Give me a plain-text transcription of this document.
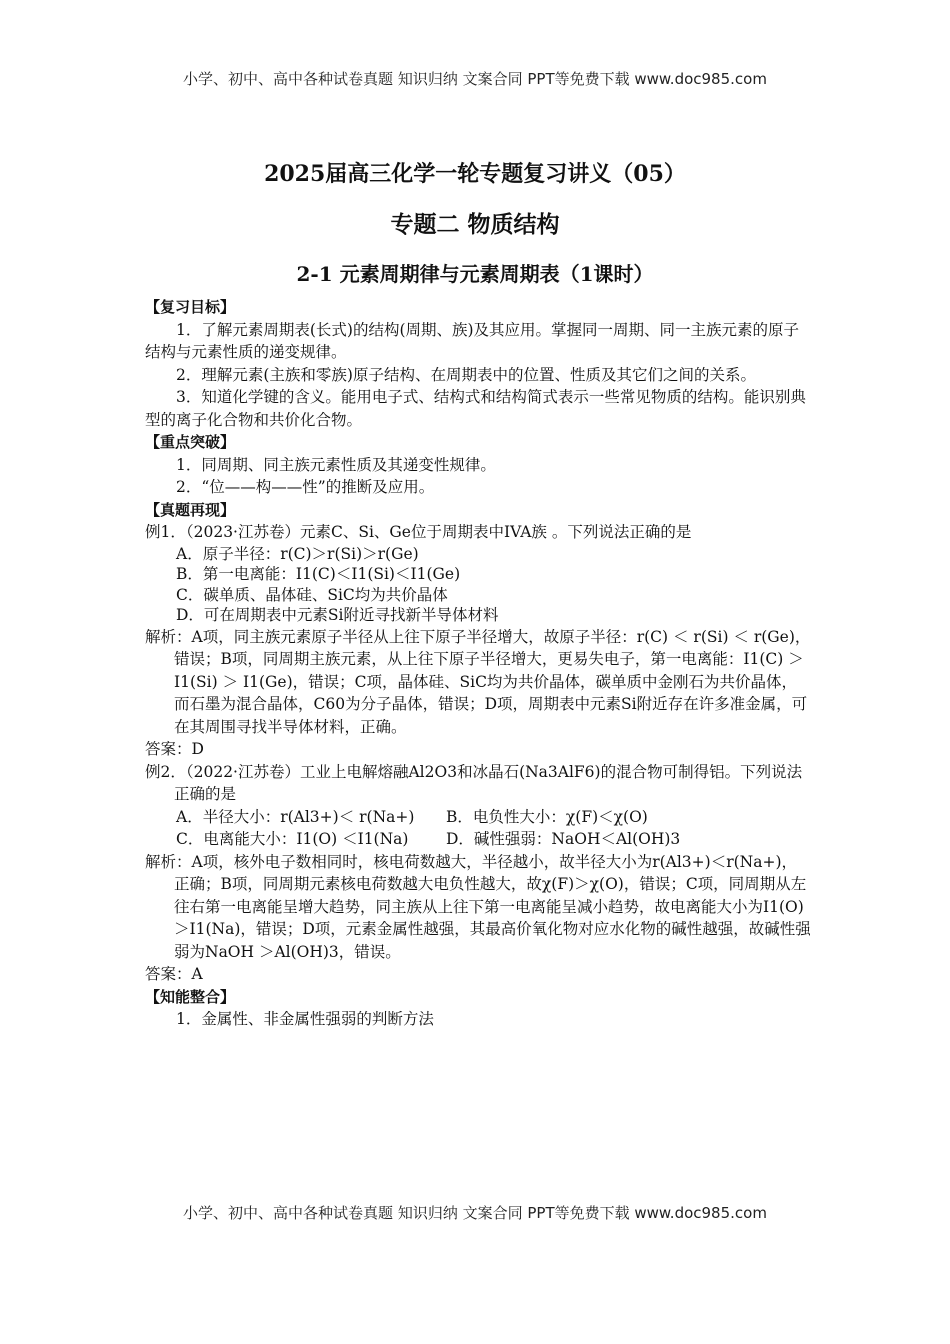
小学、初中、高中各种试卷真题 知识归纳 文案合同 PPT等免费下载 www.doc985.com
2025届高三化学一轮专题复习讲义（05）
专题二 物质结构
2-1 元素周期律与元素周期表（1课时）

【复习目标】

1．了解元素周期表(长式)的结构(周期、族)及其应用。掌握同一周期、同一主族元素的原子结构与元素性质的递变规律。

2．理解元素(主族和零族)原子结构、在周期表中的位置、性质及其它们之间的关系。

3．知道化学键的含义。能用电子式、结构式和结构简式表示一些常见物质的结构。能识别典型的离子化合物和共价化合物。

【重点突破】

1．同周期、同主族元素性质及其递变性规律。

2．“位——构——性”的推断及应用。

【真题再现】

例1．（2023·江苏卷）元素C、Si、Ge位于周期表中IVA族 。下列说法正确的是

A．原子半径：r(C)＞r(Si)＞r(Ge)

B．第一电离能：I1(C)＜I1(Si)＜I1(Ge)

C．碳单质、晶体硅、SiC均为共价晶体

D．可在周期表中元素Si附近寻找新半导体材料

解析：A项，同主族元素原子半径从上往下原子半径增大，故原子半径：r(C) ＜ r(Si) ＜ r(Ge)，错误；B项，同周期主族元素，从上往下原子半径增大，更易失电子，第一电离能：I1(C) ＞ I1(Si) ＞ I1(Ge)，错误；C项，晶体硅、SiC均为共价晶体，碳单质中金刚石为共价晶体，而石墨为混合晶体，C60为分子晶体，错误；D项，周期表中元素Si附近存在许多准金属，可在其周围寻找半导体材料，正确。

答案：D

例2．（2022·江苏卷）工业上电解熔融Al2O3和冰晶石(Na3AlF6)的混合物可制得铝。下列说法正确的是

A．半径大小：r(Al3+)＜ r(Na+)	B．电负性大小：χ(F)＜χ(O)
C．电离能大小：I1(O) ＜I1(Na)	D．碱性强弱：NaOH＜Al(OH)3

解析：A项，核外电子数相同时，核电荷数越大，半径越小，故半径大小为r(Al3+)＜r(Na+)，正确；B项，同周期元素核电荷数越大电负性越大，故χ(F)＞χ(O)，错误；C项，同周期从左往右第一电离能呈增大趋势，同主族从上往下第一电离能呈减小趋势，故电离能大小为I1(O)＞I1(Na)，错误；D项，元素金属性越强，其最高价氧化物对应水化物的碱性越强，故碱性强弱为NaOH ＞Al(OH)3，错误。

答案：A

【知能整合】

1．金属性、非金属性强弱的判断方法

小学、初中、高中各种试卷真题 知识归纳 文案合同 PPT等免费下载 www.doc985.com
